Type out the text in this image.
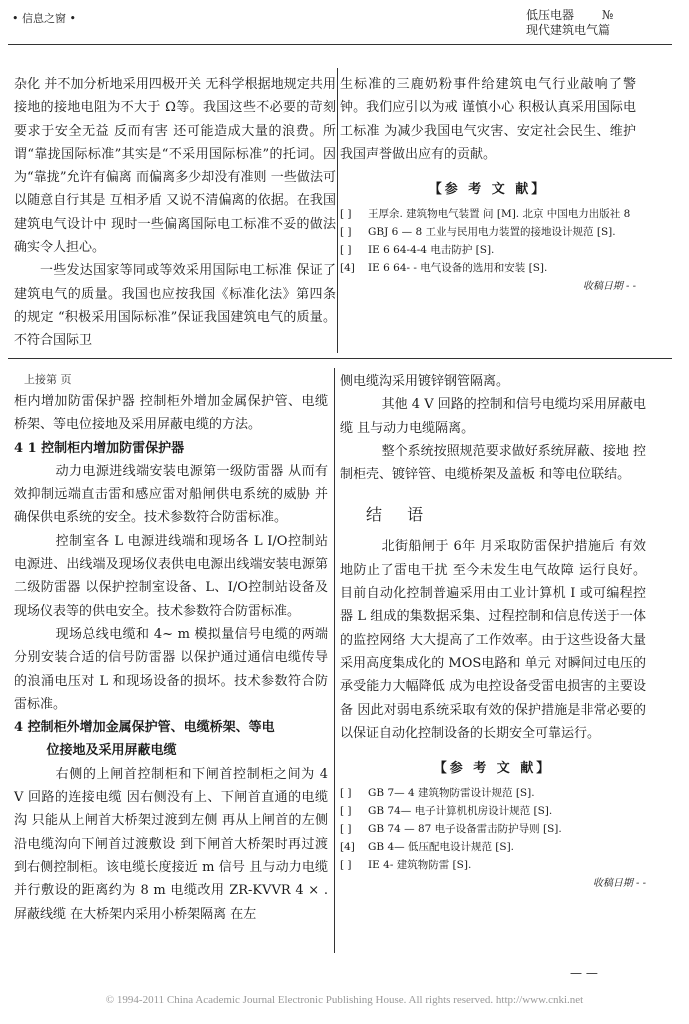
• 信息之窗 •	低压电器 №
现代建筑电气篇

杂化 并不加分析地采用四极开关 无科学根据地规定共用接地的接地电阻为不大于 Ω等。我国这些不必要的苛刻要求于安全无益 反而有害 还可能造成大量的浪费。所谓“靠拢国际标准”其实是“不采用国际标准”的托词。因为“靠拢”允许有偏离 而偏离多少却没有准则 一些做法可以随意自行其是 互相矛盾 又说不清偏离的依据。在我国建筑电气设计中 现时一些偏离国际电工标准不妥的做法确实令人担心。

一些发达国家等同或等效采用国际电工标准 保证了建筑电气的质量。我国也应按我国《标准化法》第四条的规定 “积极采用国际标准”保证我国建筑电气的质量。不符合国际卫

生标准的三鹿奶粉事件给建筑电气行业敲响了警钟。我们应引以为戒 谨慎小心 积极认真采用国际电工标准 为减少我国电气灾害、安定社会民生、维护我国声誉做出应有的贡献。

【参 考 文 献】

[ ]	王厚余. 建筑物电气装置 问 [M]. 北京 中国电力出版社 8
[ ]	GBJ 6 — 8 工业与民用电力装置的接地设计规范 [S].
[ ]	IE 6 64-4-4 电击防护 [S].
[4]	IE 6 64- - 电气设备的选用和安装 [S].

收稿日期 - -

上接第 页

柜内增加防雷保护器 控制柜外增加金属保护管、电缆桥架、等电位接地及采用屏蔽电缆的方法。

4 1 控制柜内增加防雷保护器

动力电源进线端安装电源第一级防雷器 从而有效抑制远端直击雷和感应雷对船闸供电系统的威胁 并确保供电系统的安全。技术参数符合防雷标准。

控制室各 L 电源进线端和现场各 L I/O控制站电源进、出线端及现场仪表供电电源出线端安装电源第二级防雷器 以保护控制室设备、L、I/O控制站设备及现场仪表等的供电安全。技术参数符合防雷标准。

现场总线电缆和 4~ m 模拟量信号电缆的两端分别安装合适的信号防雷器 以保护通过通信电缆传导的浪涌电压对 L 和现场设备的损坏。技术参数符合防雷标准。

4 控制柜外增加金属保护管、电缆桥架、等电

位接地及采用屏蔽电缆

右侧的上闸首控制柜和下闸首控制柜之间为 4 V 回路的连接电缆 因右侧没有上、下闸首直通的电缆沟 只能从上闸首大桥架过渡到左侧 再从上闸首的左侧沿电缆沟向下闸首过渡敷设 到下闸首大桥架时再过渡到右侧控制柜。该电缆长度接近 m 信号 且与动力电缆并行敷设的距离约为 8 m 电缆改用 ZR-KVVR 4 × . 屏蔽线缆 在大桥架内采用小桥架隔离 在左

侧电缆沟采用镀锌钢管隔离。

其他 4 V 回路的控制和信号电缆均采用屏蔽电缆 且与动力电缆隔离。

整个系统按照规范要求做好系统屏蔽、接地 控制柜壳、镀锌管、电缆桥架及盖板 和等电位联结。

结 语

北街船闸于 6年 月采取防雷保护措施后 有效地防止了雷电干扰 至今未发生电气故障 运行良好。目前自动化控制普遍采用由工业计算机 I 或可编程控器 L 组成的集数据采集、过程控制和信息传送于一体的监控网络 大大提高了工作效率。由于这些设备大量采用高度集成化的 MOS电路和 单元 对瞬间过电压的承受能力大幅降低 成为电控设备受雷电损害的主要设备 因此对弱电系统采取有效的保护措施是非常必要的 以保证自动化控制设备的长期安全可靠运行。

【参 考 文 献】

[ ]	GB 7— 4 建筑物防雷设计规范 [S].
[ ]	GB 74— 电子计算机机房设计规范 [S].
[ ]	GB 74 — 87 电子设备雷击防护导则 [S].
[4]	GB 4— 低压配电设计规范 [S].
[ ]	IE 4- 建筑物防雷 [S].

收稿日期 - -

— —
© 1994-2011 China Academic Journal Electronic Publishing House. All rights reserved. http://www.cnki.net
